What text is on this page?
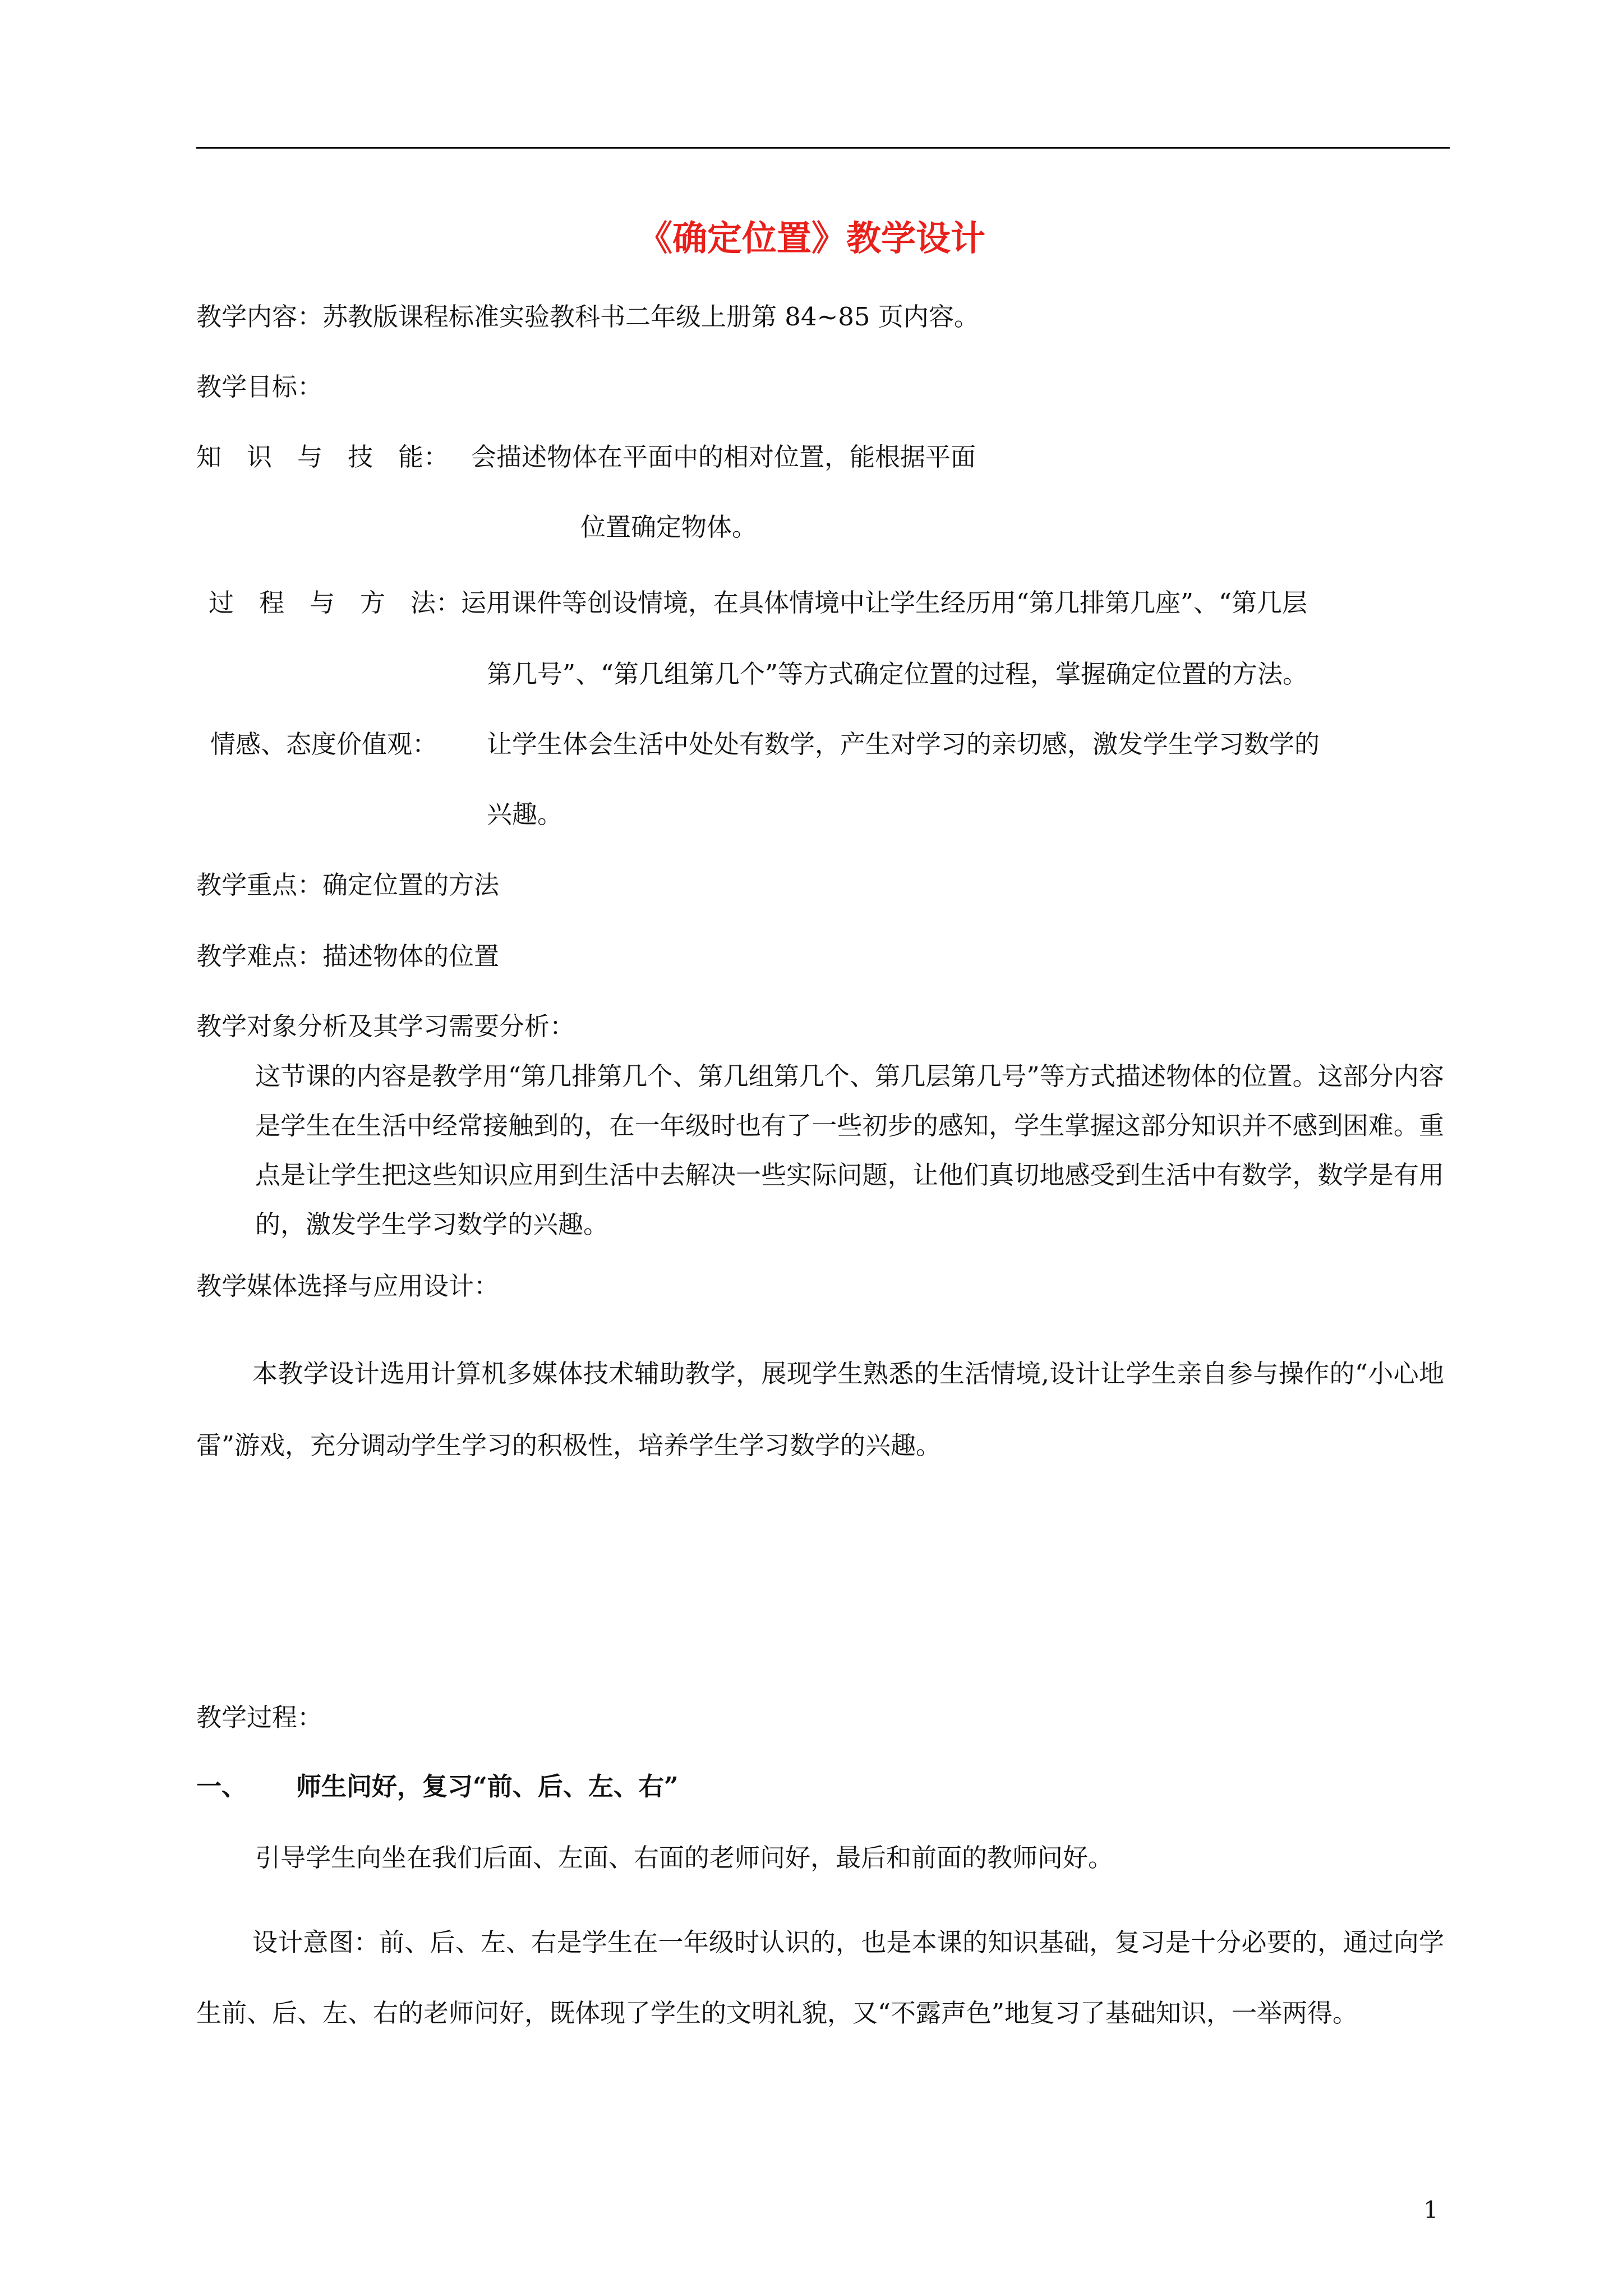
《确定位置》教学设计
教学内容：苏教版课程标准实验教科书二年级上册第 84~85 页内容。
教学目标：
知　识　与　技　能： 会描述物体在平面中的相对位置，能根据平面
位置确定物体。
过　程　与　方　法： 运用课件等创设情境，在具体情境中让学生经历用“第几排第几座”、“第几层
第几号”、“第几组第几个”等方式确定位置的过程，掌握确定位置的方法。
情感、态度价值观： 让学生体会生活中处处有数学，产生对学习的亲切感，激发学生学习数学的
兴趣。
教学重点：确定位置的方法
教学难点：描述物体的位置
教学对象分析及其学习需要分析：
这节课的内容是教学用“第几排第几个、第几组第几个、第几层第几号”等方式描述物体的位置。这部分内容是学生在生活中经常接触到的，在一年级时也有了一些初步的感知，学生掌握这部分知识并不感到困难。重点是让学生把这些知识应用到生活中去解决一些实际问题，让他们真切地感受到生活中有数学，数学是有用的，激发学生学习数学的兴趣。
教学媒体选择与应用设计：
本教学设计选用计算机多媒体技术辅助教学，展现学生熟悉的生活情境,设计让学生亲自参与操作的“小心地雷”游戏，充分调动学生学习的积极性，培养学生学习数学的兴趣。
教学过程：
一、 师生问好，复习“前、后、左、右”
引导学生向坐在我们后面、左面、右面的老师问好，最后和前面的教师问好。
设计意图：前、后、左、右是学生在一年级时认识的，也是本课的知识基础，复习是十分必要的，通过向学生前、后、左、右的老师问好，既体现了学生的文明礼貌，又“不露声色”地复习了基础知识，一举两得。
1
